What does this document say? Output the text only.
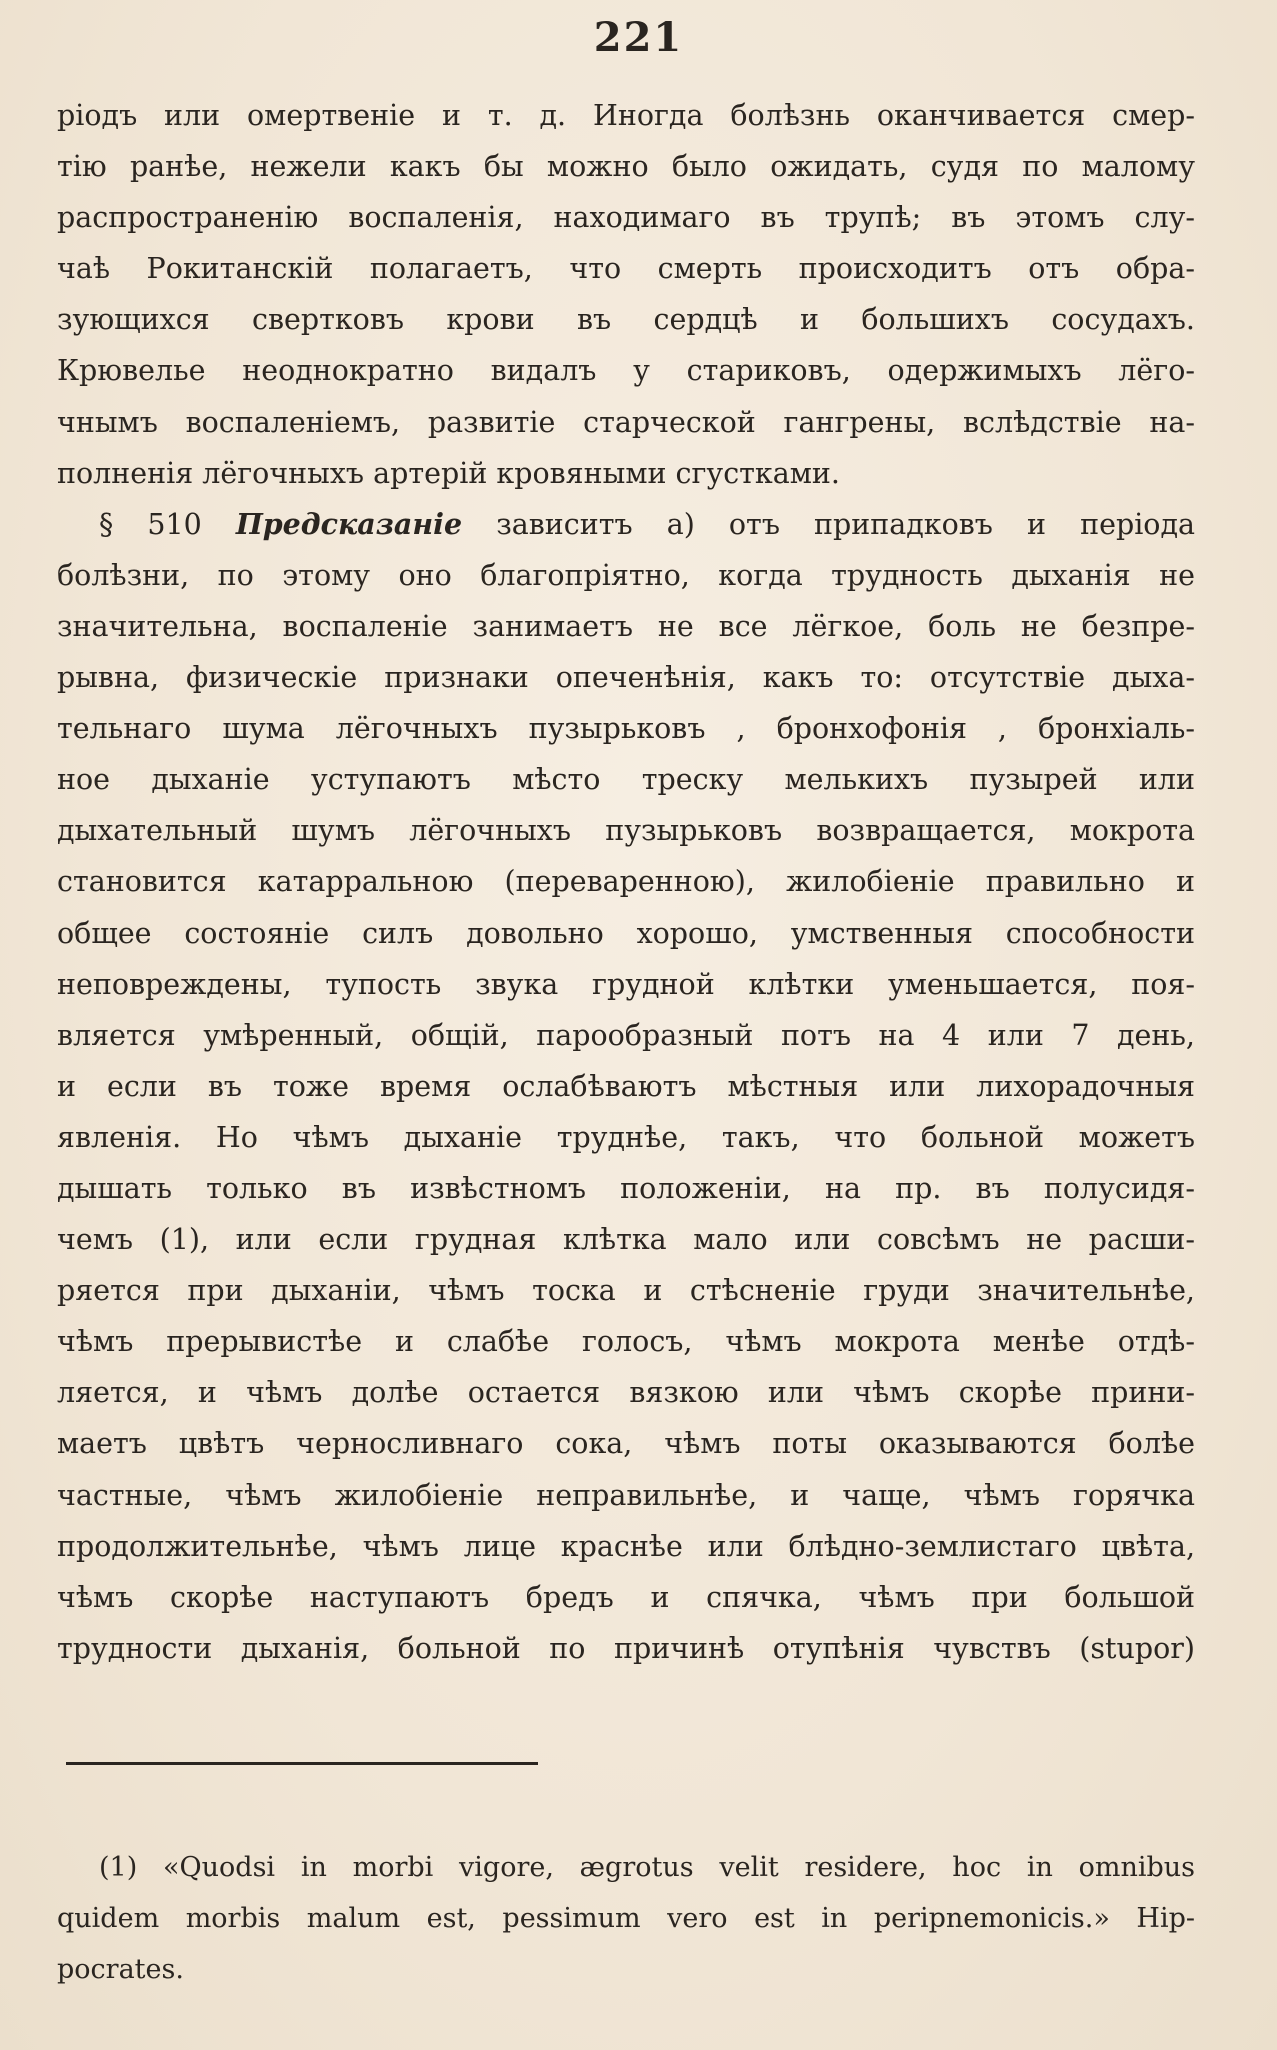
221
ріодъ или омертвеніе и т. д. Иногда болѣзнь оканчивается смер-
тію ранѣе, нежели какъ бы можно было ожидать, судя по малому
распространенію воспаленія, находимаго въ трупѣ; въ этомъ слу-
чаѣ Рокитанскій полагаетъ, что смерть происходитъ отъ обра-
зующихся свертковъ крови въ сердцѣ и большихъ сосудахъ.
Крювелье неоднократно видалъ у стариковъ, одержимыхъ лёго-
чнымъ воспаленіемъ, развитіе старческой гангрены, вслѣдствіе на-
полненія лёгочныхъ артерій кровяными сгустками.
§ 510 Предсказаніе зависитъ а) отъ припадковъ и періода
болѣзни, по этому оно благопріятно, когда трудность дыханія не
значительна, воспаленіе занимаетъ не все лёгкое, боль не безпре-
рывна, физическіе признаки опеченѣнія, какъ то: отсутствіе дыха-
тельнаго шума лёгочныхъ пузырьковъ , бронхофонія , бронхіаль-
ное дыханіе уступаютъ мѣсто треску мелькихъ пузырей или
дыхательный шумъ лёгочныхъ пузырьковъ возвращается, мокрота
становится катарральною (переваренною), жилобіеніе правильно и
общее состояніе силъ довольно хорошо, умственныя способности
неповреждены, тупость звука грудной клѣтки уменьшается, поя-
вляется умѣренный, общій, парообразный потъ на 4 или 7 день,
и если въ тоже время ослабѣваютъ мѣстныя или лихорадочныя
явленія. Но чѣмъ дыханіе труднѣе, такъ, что больной можетъ
дышать только въ извѣстномъ положеніи, на пр. въ полусидя-
чемъ (1), или если грудная клѣтка мало или совсѣмъ не расши-
ряется при дыханіи, чѣмъ тоска и стѣсненіе груди значительнѣе,
чѣмъ прерывистѣе и слабѣе голосъ, чѣмъ мокрота менѣе отдѣ-
ляется, и чѣмъ долѣе остается вязкою или чѣмъ скорѣе прини-
маетъ цвѣтъ черносливнаго сока, чѣмъ поты оказываются болѣе
частные, чѣмъ жилобіеніе неправильнѣе, и чаще, чѣмъ горячка
продолжительнѣе, чѣмъ лице краснѣе или блѣдно-землистаго цвѣта,
чѣмъ скорѣе наступаютъ бредъ и спячка, чѣмъ при большой
трудности дыханія, больной по причинѣ отупѣнія чувствъ (stupor)
(1) «Quodsi in morbi vigore, ægrotus velit residere, hoc in omnibus
quidem morbis malum est, pessimum vero est in peripnemonicis.» Hip-
pocrates.
